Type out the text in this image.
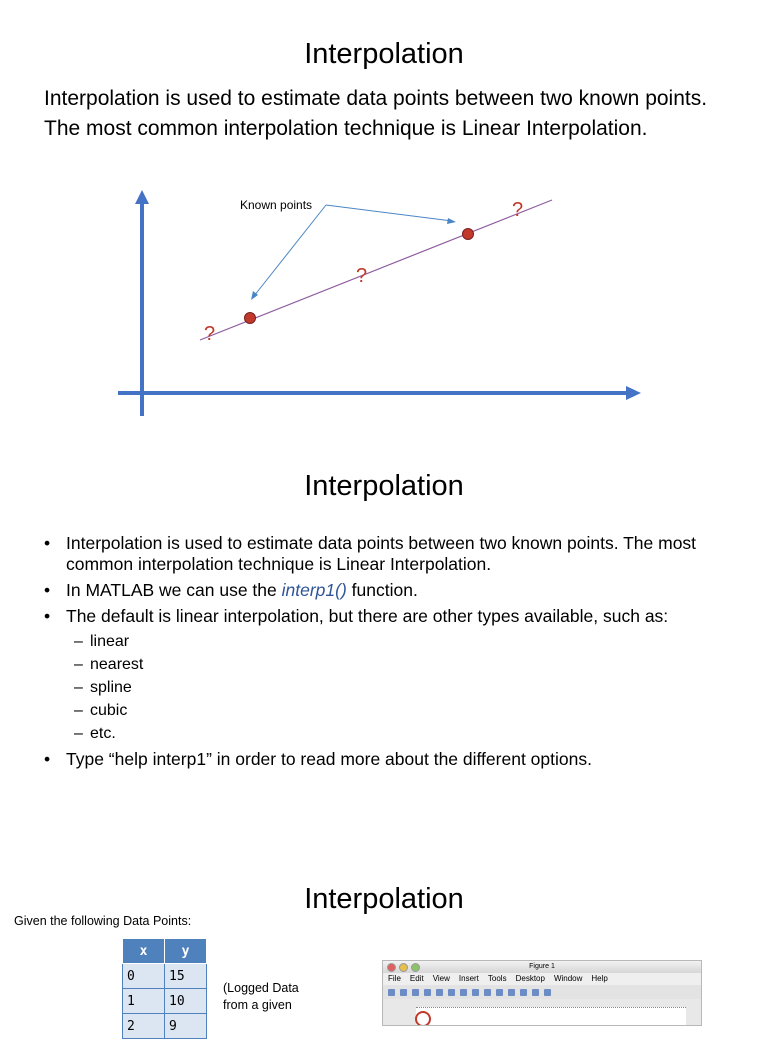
Interpolation
Interpolation is used to estimate data points between two known points. The most common interpolation technique is Linear Interpolation.
Known points
?
?
?
Interpolation
• Interpolation is used to estimate data points between two known points. The most common interpolation technique is Linear Interpolation.
• In MATLAB we can use the interp1() function.
• The default is linear interpolation, but there are other types available, such as:
– linear
– nearest
– spline
– cubic
– etc.
• Type “help interp1” in order to read more about the different options.
Interpolation
Given the following Data Points:
x	y
0	15
1	10
2	9
(Logged Data from a given
Figure 1
File Edit View Insert Tools Desktop Window Help
